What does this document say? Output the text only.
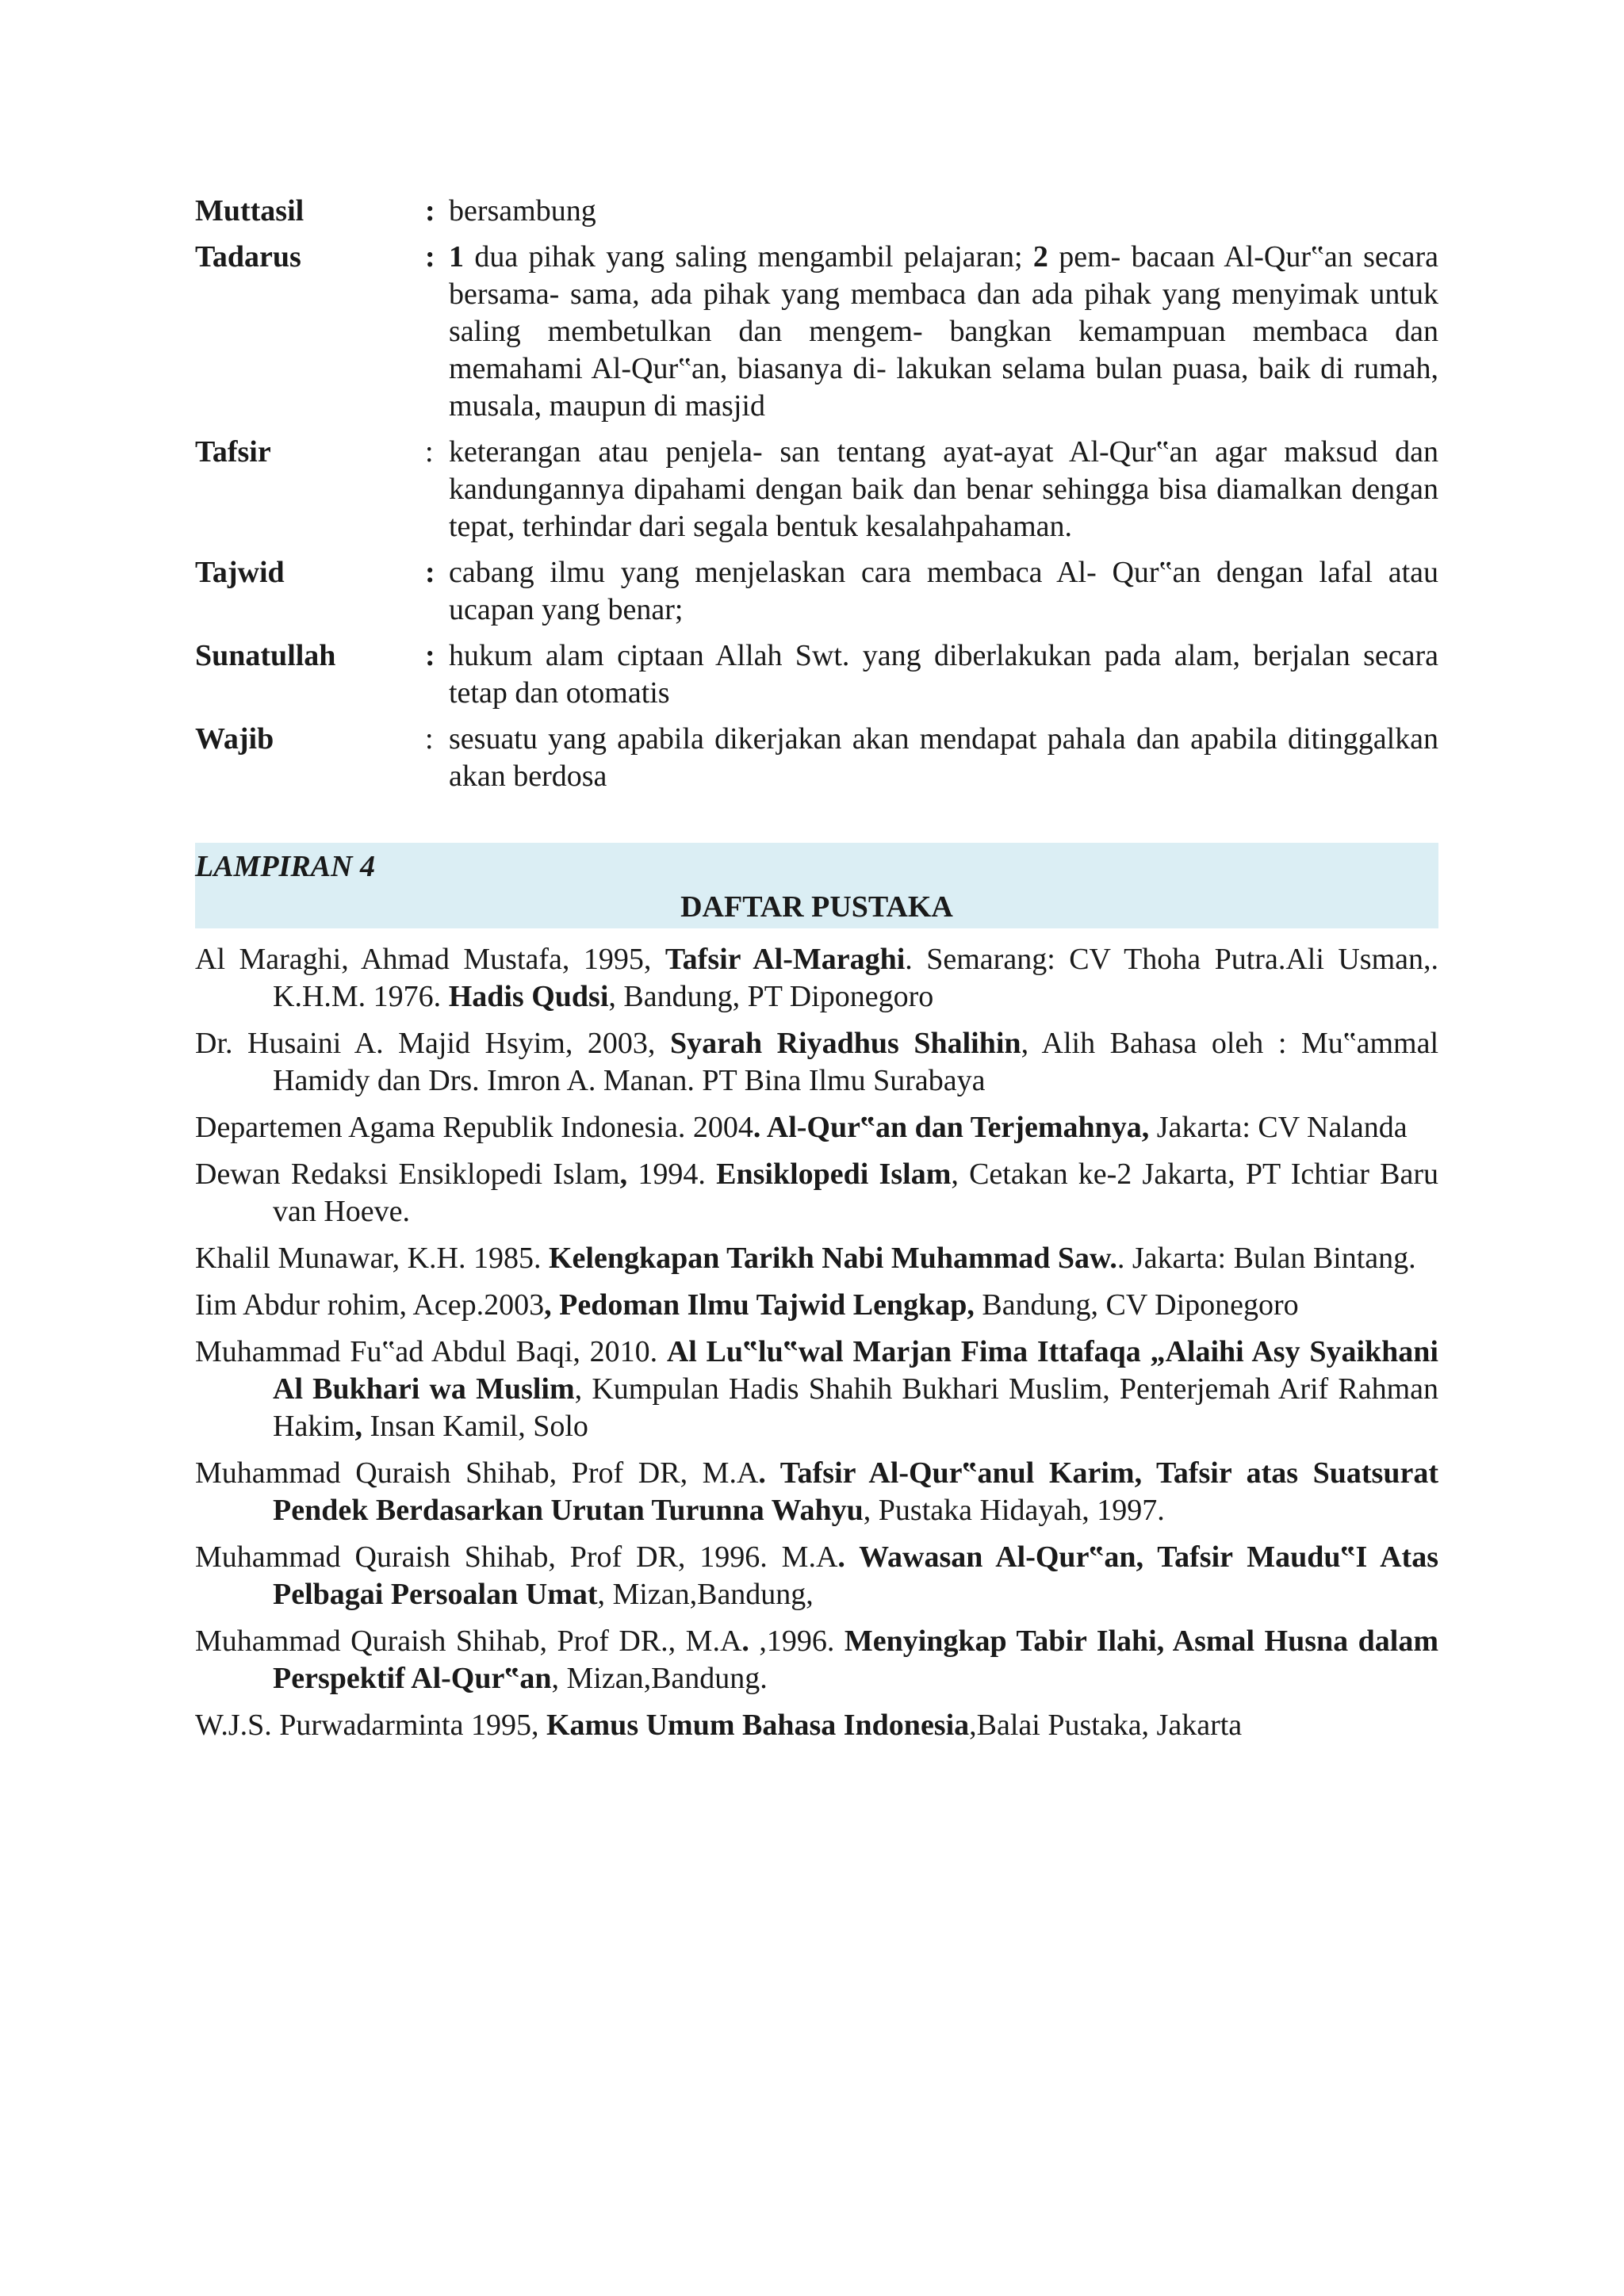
Muttasil	: bersambung
Tadarus	: 1 dua pihak yang saling mengambil pelajaran; 2 pem- bacaan Al-Qur‟an secara bersama- sama, ada pihak yang membaca dan ada pihak yang menyimak untuk saling membetulkan dan mengem- bangkan kemampuan membaca dan memahami Al-Qur‟an, biasanya di- lakukan selama bulan puasa, baik di rumah, musala, maupun di masjid
Tafsir	: keterangan atau penjela- san tentang ayat-ayat Al-Qur‟an agar maksud dan kandungannya dipahami dengan baik dan benar sehingga bisa diamalkan dengan tepat, terhindar dari segala bentuk kesalahpahaman.
Tajwid	: cabang ilmu yang menjelaskan cara membaca Al- Qur‟an dengan lafal atau ucapan yang benar;
Sunatullah	: hukum alam ciptaan Allah Swt. yang diberlakukan pada alam, berjalan secara tetap dan otomatis
Wajib	: sesuatu yang apabila dikerjakan akan mendapat pahala dan apabila ditinggalkan akan berdosa
LAMPIRAN 4
DAFTAR PUSTAKA
Al Maraghi, Ahmad Mustafa, 1995, Tafsir Al-Maraghi. Semarang: CV Thoha Putra.Ali Usman,. K.H.M. 1976. Hadis Qudsi, Bandung, PT Diponegoro
Dr. Husaini A. Majid Hsyim, 2003, Syarah Riyadhus Shalihin, Alih Bahasa oleh : Mu‟ammal Hamidy dan Drs. Imron A. Manan. PT Bina Ilmu Surabaya
Departemen Agama Republik Indonesia. 2004. Al-Qur‟an dan Terjemahnya, Jakarta: CV Nalanda
Dewan Redaksi Ensiklopedi Islam, 1994. Ensiklopedi Islam, Cetakan ke-2 Jakarta, PT Ichtiar Baru van Hoeve.
Khalil Munawar, K.H. 1985. Kelengkapan Tarikh Nabi Muhammad Saw.. Jakarta: Bulan Bintang.
Iim Abdur rohim, Acep.2003, Pedoman Ilmu Tajwid Lengkap, Bandung, CV Diponegoro
Muhammad Fu‟ad Abdul Baqi, 2010. Al Lu‟lu‟wal Marjan Fima Ittafaqa „Alaihi Asy Syaikhani Al Bukhari wa Muslim, Kumpulan Hadis Shahih Bukhari Muslim, Penterjemah Arif Rahman Hakim, Insan Kamil, Solo
Muhammad Quraish Shihab, Prof DR, M.A. Tafsir Al-Qur‟anul Karim, Tafsir atas Suatsurat Pendek Berdasarkan Urutan Turunna Wahyu, Pustaka Hidayah, 1997.
Muhammad Quraish Shihab, Prof DR, 1996. M.A. Wawasan Al-Qur‟an, Tafsir Maudu‟I Atas Pelbagai Persoalan Umat, Mizan,Bandung,
Muhammad Quraish Shihab, Prof DR., M.A. ,1996. Menyingkap Tabir Ilahi, Asmal Husna dalam Perspektif Al-Qur‟an, Mizan,Bandung.
W.J.S. Purwadarminta 1995, Kamus Umum Bahasa Indonesia,Balai Pustaka, Jakarta
